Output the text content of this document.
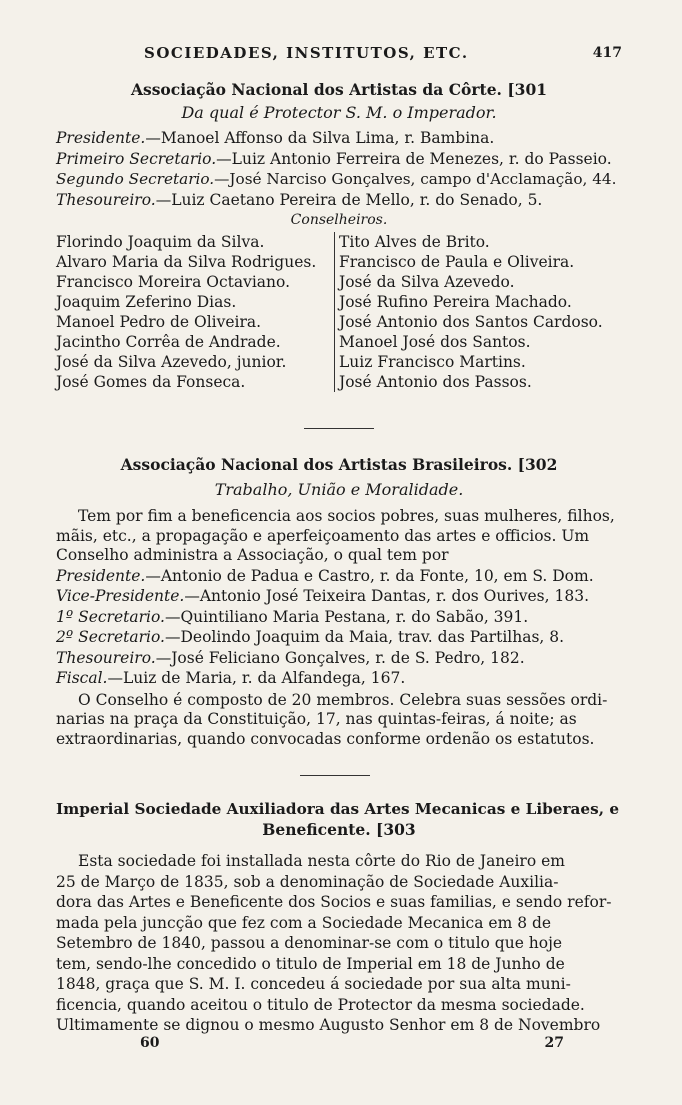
SOCIEDADES, INSTITUTOS, ETC.	417
Associação Nacional dos Artistas da Côrte. [301
Da qual é Protector S. M. o Imperador.
Presidente.—Manoel Affonso da Silva Lima, r. Bambina.
Primeiro Secretario.—Luiz Antonio Ferreira de Menezes, r. do Passeio.
Segundo Secretario.—José Narciso Gonçalves, campo d'Acclamação, 44.
Thesoureiro.—Luiz Caetano Pereira de Mello, r. do Senado, 5.
Conselheiros.
Florindo Joaquim da Silva.
Alvaro Maria da Silva Rodrigues.
Francisco Moreira Octaviano.
Joaquim Zeferino Dias.
Manoel Pedro de Oliveira.
Jacintho Corrêa de Andrade.
José da Silva Azevedo, junior.
José Gomes da Fonseca.
Tito Alves de Brito.
Francisco de Paula e Oliveira.
José da Silva Azevedo.
José Rufino Pereira Machado.
José Antonio dos Santos Cardoso.
Manoel José dos Santos.
Luiz Francisco Martins.
José Antonio dos Passos.
Associação Nacional dos Artistas Brasileiros. [302
Trabalho, União e Moralidade.
Tem por fim a beneficencia aos socios pobres, suas mulheres, filhos,
mãis, etc., a propagação e aperfeiçoamento das artes e officios. Um
Conselho administra a Associação, o qual tem por
Presidente.—Antonio de Padua e Castro, r. da Fonte, 10, em S. Dom.
Vice-Presidente.—Antonio José Teixeira Dantas, r. dos Ourives, 183.
1º Secretario.—Quintiliano Maria Pestana, r. do Sabão, 391.
2º Secretario.—Deolindo Joaquim da Maia, trav. das Partilhas, 8.
Thesoureiro.—José Feliciano Gonçalves, r. de S. Pedro, 182.
Fiscal.—Luiz de Maria, r. da Alfandega, 167.
O Conselho é composto de 20 membros. Celebra suas sessões ordi-
narias na praça da Constituição, 17, nas quintas-feiras, á noite; as
extraordinarias, quando convocadas conforme ordenão os estatutos.
Imperial Sociedade Auxiliadora das Artes Mecanicas e Liberaes, e
Beneficente. [303
Esta sociedade foi installada nesta côrte do Rio de Janeiro em
25 de Março de 1835, sob a denominação de Sociedade Auxilia-
dora das Artes e Beneficente dos Socios e suas familias, e sendo refor-
mada pela juncção que fez com a Sociedade Mecanica em 8 de
Setembro de 1840, passou a denominar-se com o titulo que hoje
tem, sendo-lhe concedido o titulo de Imperial em 18 de Junho de
1848, graça que S. M. I. concedeu á sociedade por sua alta muni-
ficencia, quando aceitou o titulo de Protector da mesma sociedade.
Ultimamente se dignou o mesmo Augusto Senhor em 8 de Novembro
60	27
